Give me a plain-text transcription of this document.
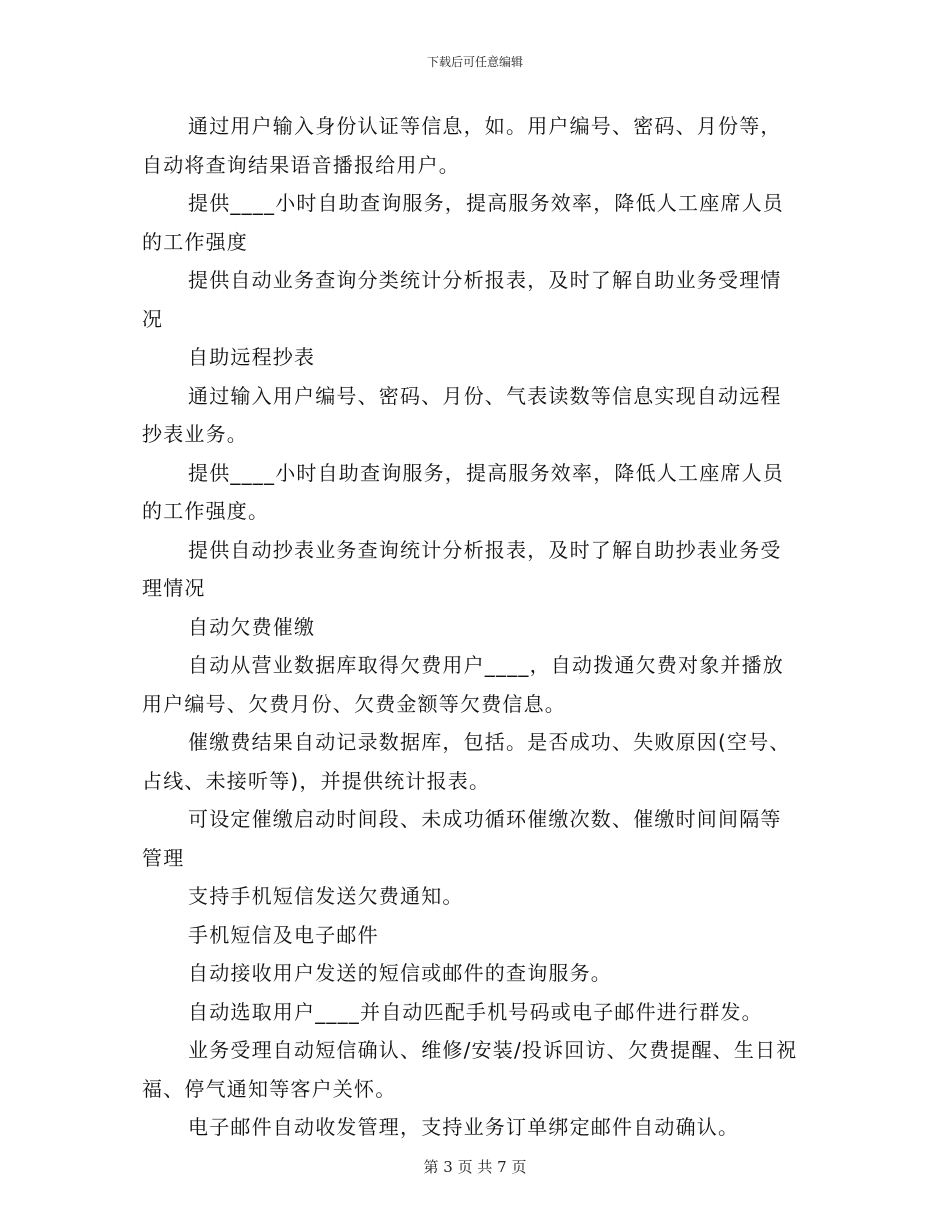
下载后可任意编辑

通过用户输入身份认证等信息，如。用户编号、密码、月份等，自动将查询结果语音播报给用户。

提供____小时自助查询服务，提高服务效率，降低人工座席人员的工作强度

提供自动业务查询分类统计分析报表，及时了解自助业务受理情况

自助远程抄表

通过输入用户编号、密码、月份、气表读数等信息实现自动远程抄表业务。

提供____小时自助查询服务，提高服务效率，降低人工座席人员的工作强度。

提供自动抄表业务查询统计分析报表，及时了解自助抄表业务受理情况

自动欠费催缴

自动从营业数据库取得欠费用户____，自动拨通欠费对象并播放用户编号、欠费月份、欠费金额等欠费信息。

催缴费结果自动记录数据库，包括。是否成功、失败原因(空号、占线、未接听等)，并提供统计报表。

可设定催缴启动时间段、未成功循环催缴次数、催缴时间间隔等管理

支持手机短信发送欠费通知。

手机短信及电子邮件

自动接收用户发送的短信或邮件的查询服务。

自动选取用户____并自动匹配手机号码或电子邮件进行群发。

业务受理自动短信确认、维修/安装/投诉回访、欠费提醒、生日祝福、停气通知等客户关怀。

电子邮件自动收发管理，支持业务订单绑定邮件自动确认。

第 3 页 共 7 页
